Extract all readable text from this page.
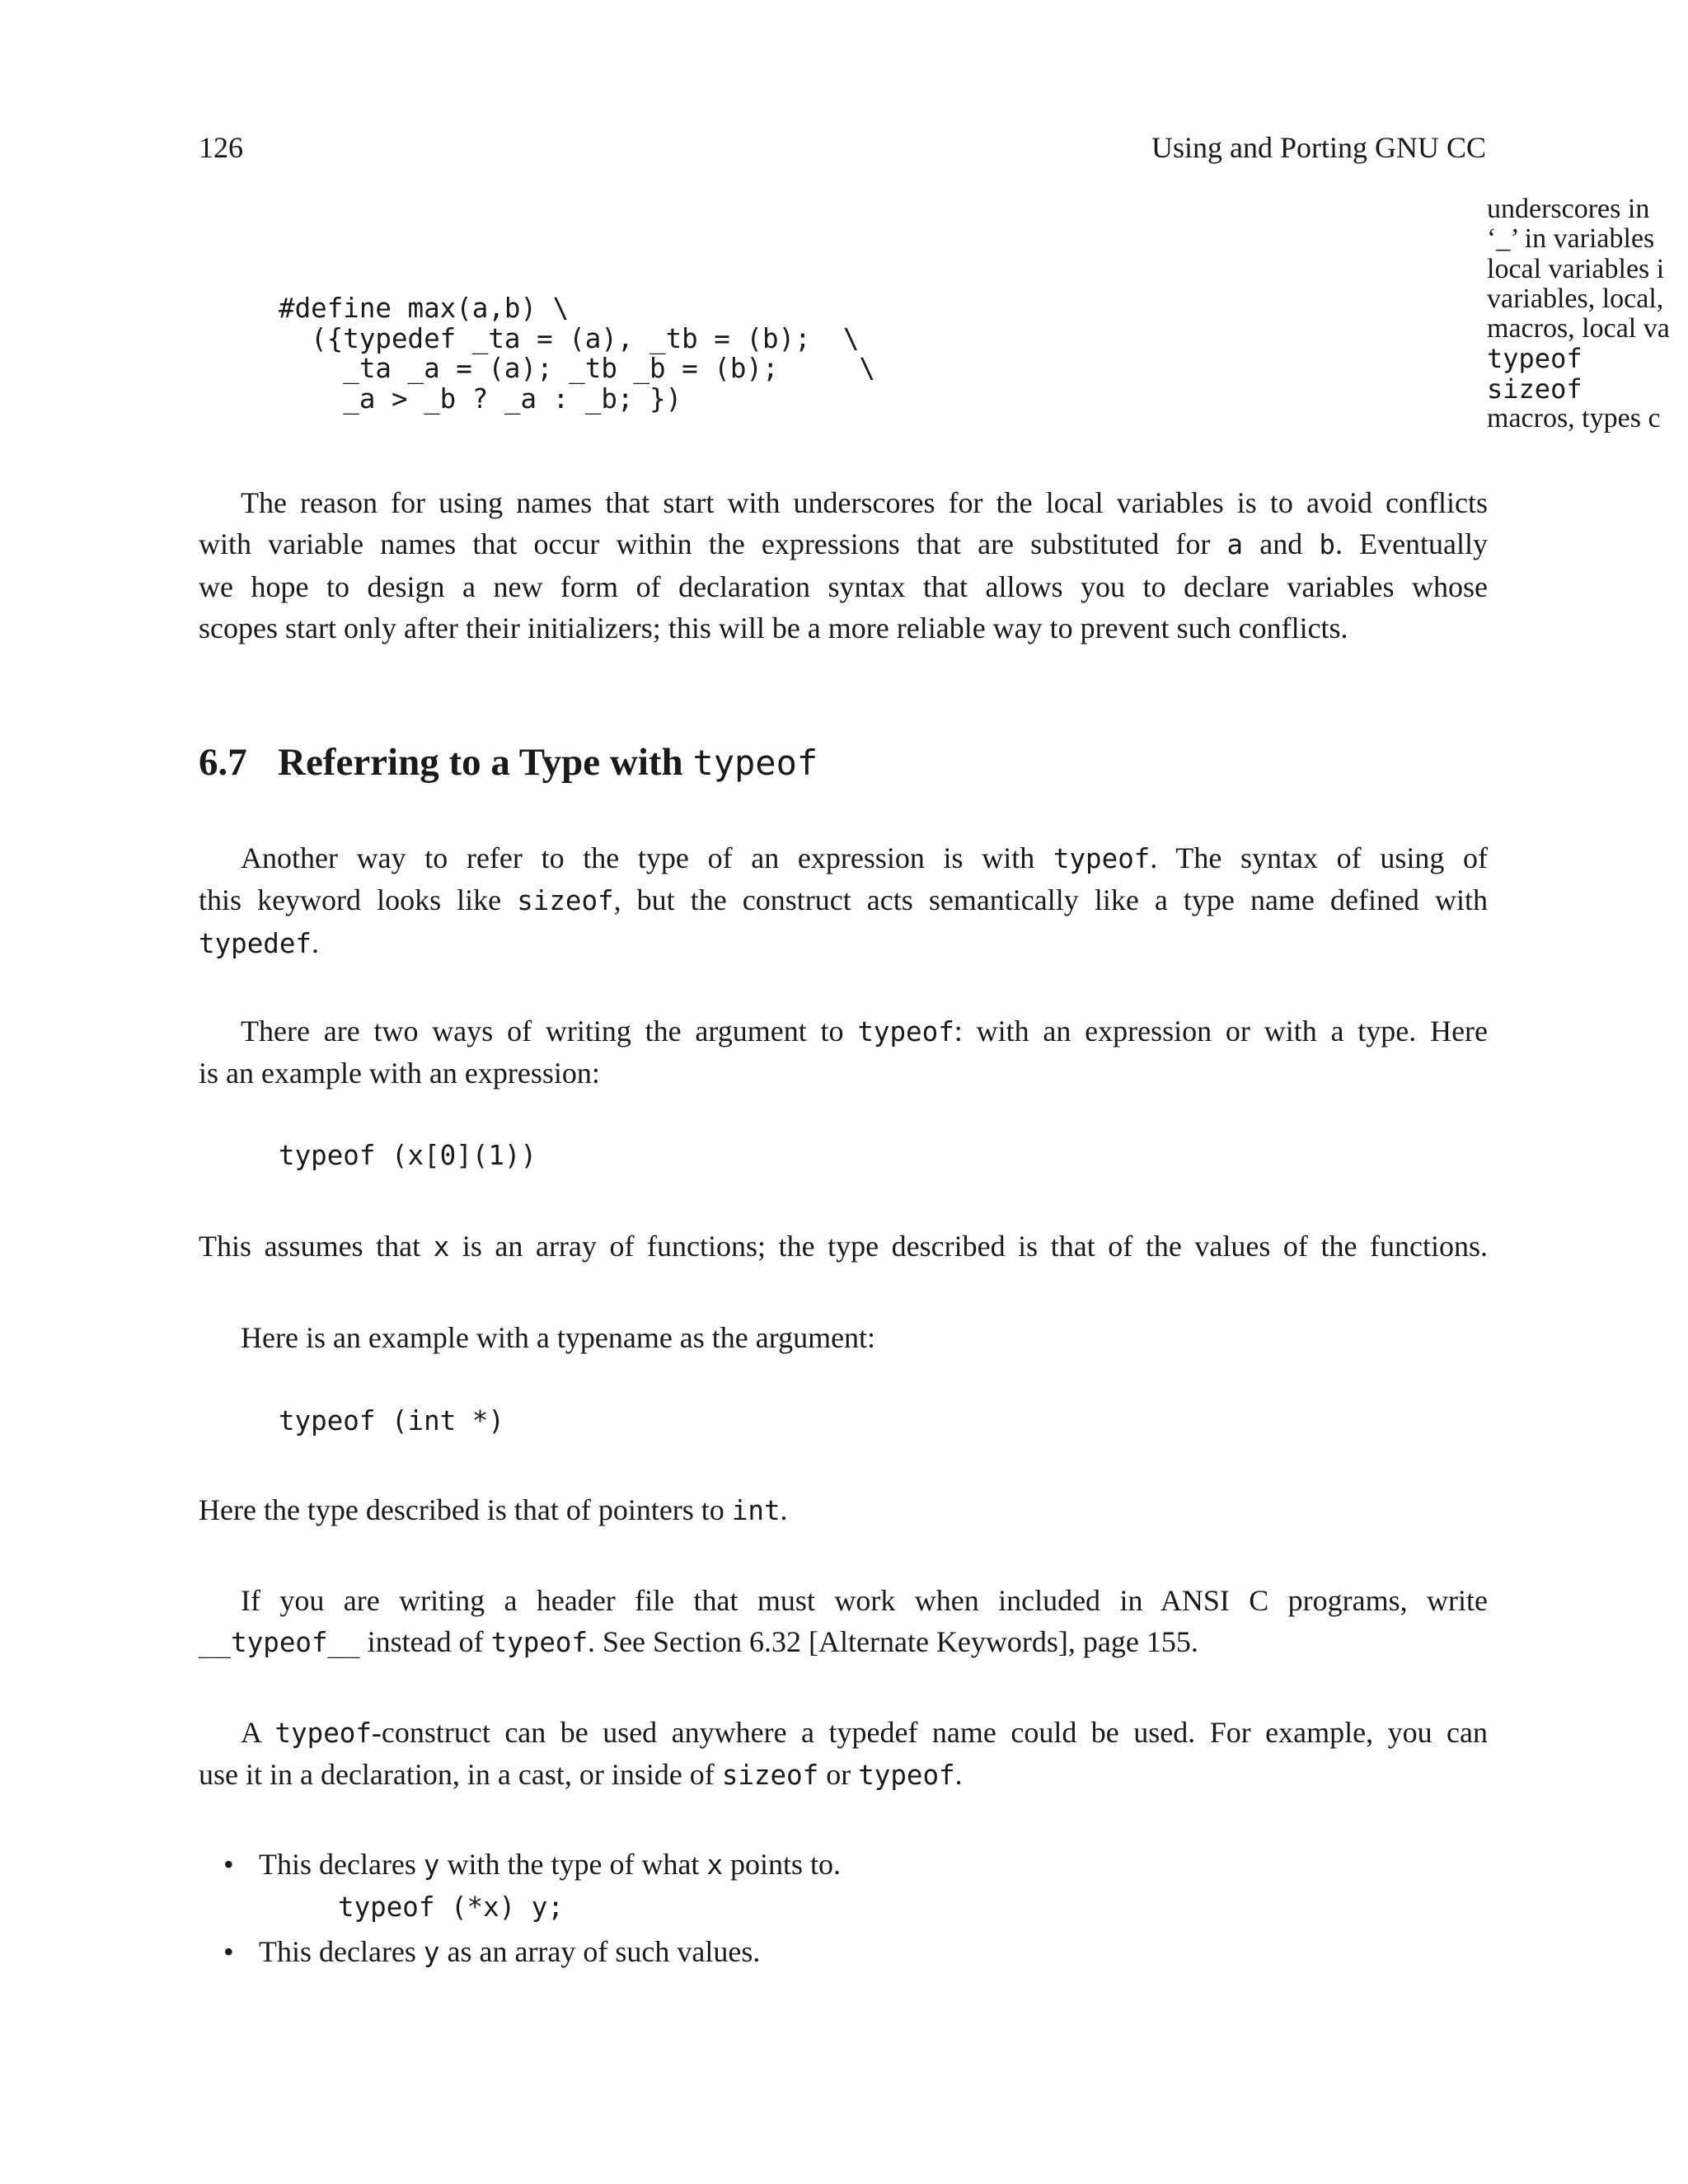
126	Using and Porting GNU CC
underscores in
‘_’ in variables
local variables i
variables, local,
macros, local va
typeof
sizeof
macros, types c
#define max(a,b) \
({typedef _ta = (a), _tb = (b);  \
_ta _a = (a); _tb _b = (b);     \
_a > _b ? _a : _b; })
The reason for using names that start with underscores for the local variables is to avoid conflicts
with variable names that occur within the expressions that are substituted for a and b. Eventually
we hope to design a new form of declaration syntax that allows you to declare variables whose
scopes start only after their initializers; this will be a more reliable way to prevent such conflicts.
6.7 Referring to a Type with typeof
Another way to refer to the type of an expression is with typeof. The syntax of using of
this keyword looks like sizeof, but the construct acts semantically like a type name defined with
typedef.
There are two ways of writing the argument to typeof: with an expression or with a type. Here
is an example with an expression:
typeof (x[0](1))
This assumes that x is an array of functions; the type described is that of the values of the functions.
Here is an example with a typename as the argument:
typeof (int *)
Here the type described is that of pointers to int.
If you are writing a header file that must work when included in ANSI C programs, write
__typeof__ instead of typeof. See Section 6.32 [Alternate Keywords], page 155.
A typeof-construct can be used anywhere a typedef name could be used. For example, you can
use it in a declaration, in a cast, or inside of sizeof or typeof.
• This declares y with the type of what x points to.
typeof (*x) y;
• This declares y as an array of such values.
